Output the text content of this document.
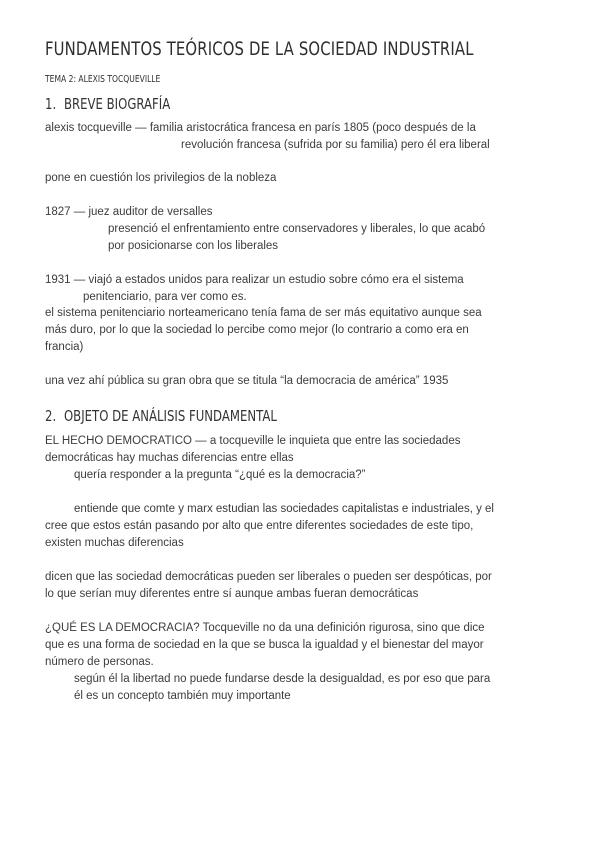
FUNDAMENTOS TEÓRICOS DE LA SOCIEDAD INDUSTRIAL
TEMA 2: ALEXIS TOCQUEVILLE
1. BREVE BIOGRAFÍA
alexis tocqueville — familia aristocrática francesa en parís 1805 (poco después de la
revolución francesa (sufrida por su familia) pero él era liberal
pone en cuestión los privilegios de la nobleza
1827 — juez auditor de versalles
presenció el enfrentamiento entre conservadores y liberales, lo que acabó
por posicionarse con los liberales
1931 — viajó a estados unidos para realizar un estudio sobre cómo era el sistema
penitenciario, para ver como es.
el sistema penitenciario norteamericano tenía fama de ser más equitativo aunque sea
más duro, por lo que la sociedad lo percibe como mejor (lo contrario a como era en
francia)
una vez ahí pública su gran obra que se titula “la democracia de américa” 1935
2. OBJETO DE ANÁLISIS FUNDAMENTAL
EL HECHO DEMOCRATICO — a tocqueville le inquieta que entre las sociedades
democráticas hay muchas diferencias entre ellas
quería responder a la pregunta “¿qué es la democracia?”
entiende que comte y marx estudian las sociedades capitalistas e industriales, y el
cree que estos están pasando por alto que entre diferentes sociedades de este tipo,
existen muchas diferencias
dicen que las sociedad democráticas pueden ser liberales o pueden ser despóticas, por
lo que serían muy diferentes entre sí aunque ambas fueran democráticas
¿QUÉ ES LA DEMOCRACIA? Tocqueville no da una definición rigurosa, sino que dice
que es una forma de sociedad en la que se busca la igualdad y el bienestar del mayor
número de personas.
según él la libertad no puede fundarse desde la desigualdad, es por eso que para
él es un concepto también muy importante
